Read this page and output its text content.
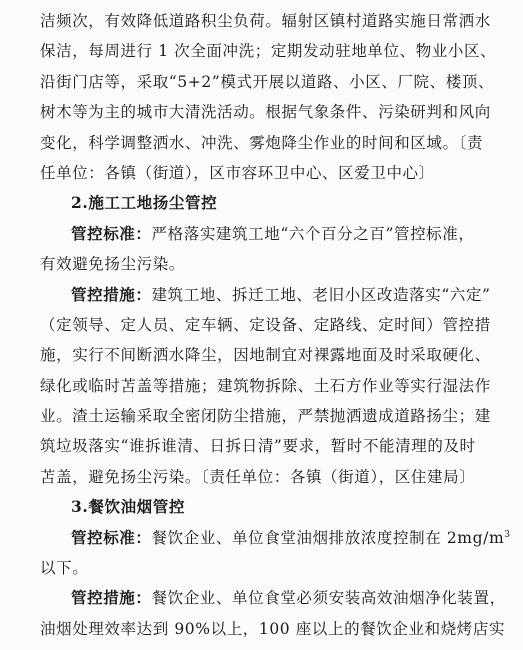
洁频次，有效降低道路积尘负荷。辐射区镇村道路实施日常洒水
保洁，每周进行 1 次全面冲洗；定期发动驻地单位、物业小区、
沿街门店等，采取“5+2”模式开展以道路、小区、厂院、楼顶、
树木等为主的城市大清洗活动。根据气象条件、污染研判和风向
变化，科学调整洒水、冲洗、雾炮降尘作业的时间和区域。〔责
任单位：各镇（街道），区市容环卫中心、区爱卫中心〕
2.施工工地扬尘管控
管控标准：严格落实建筑工地“六个百分之百”管控标准，
有效避免扬尘污染。
管控措施：建筑工地、拆迁工地、老旧小区改造落实“六定”
（定领导、定人员、定车辆、定设备、定路线、定时间）管控措
施，实行不间断洒水降尘，因地制宜对裸露地面及时采取硬化、
绿化或临时苫盖等措施；建筑物拆除、土石方作业等实行湿法作
业。渣土运输采取全密闭防尘措施，严禁抛洒遗成道路扬尘；建
筑垃圾落实“谁拆谁清、日拆日清”要求，暂时不能清理的及时
苫盖，避免扬尘污染。〔责任单位：各镇（街道），区住建局〕
3.餐饮油烟管控
管控标准：餐饮企业、单位食堂油烟排放浓度控制在 $2mg/m^3$
以下。
管控措施：餐饮企业、单位食堂必须安装高效油烟净化装置，
油烟处理效率达到 90%以上，100 座以上的餐饮企业和烧烤店实
